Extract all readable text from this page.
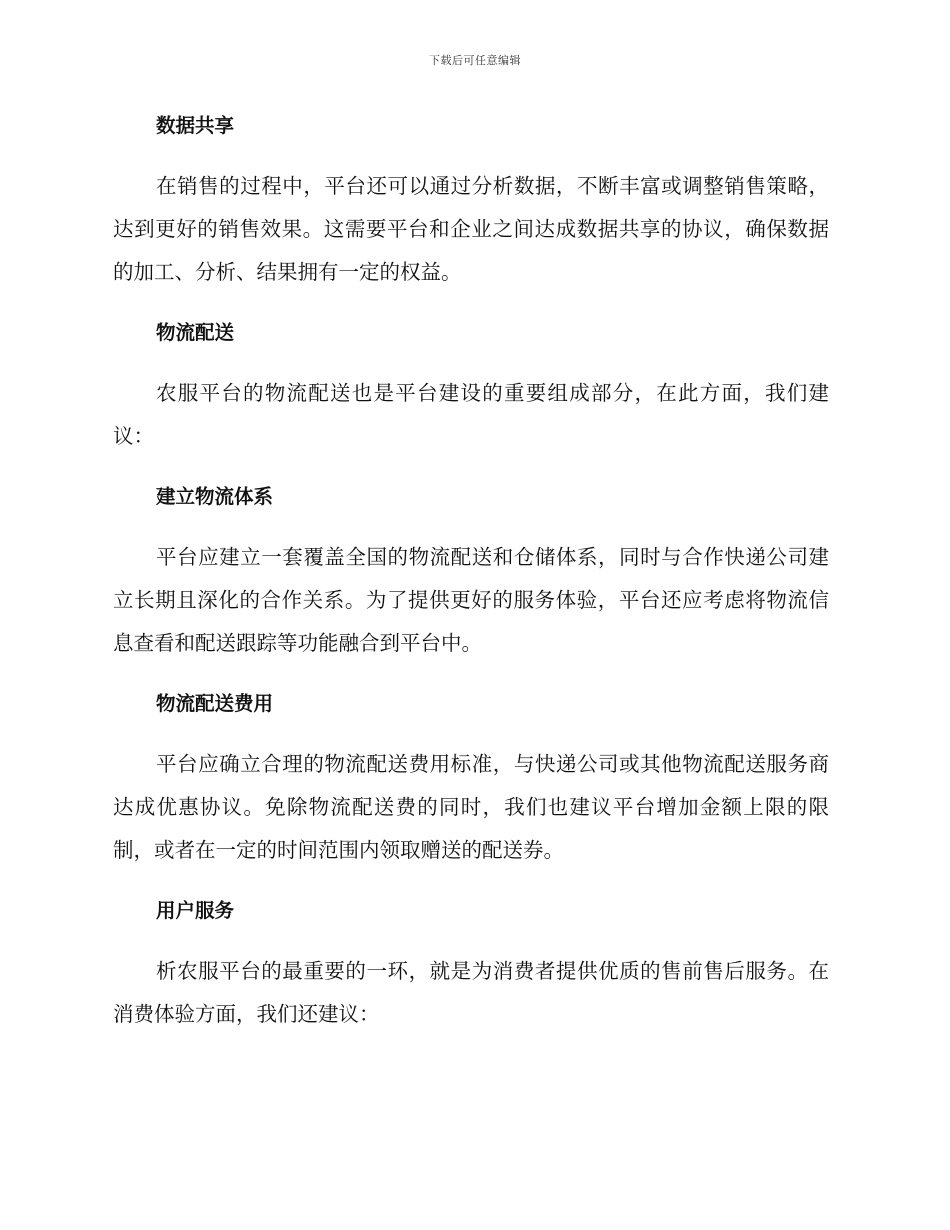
下载后可任意编辑
数据共享

在销售的过程中，平台还可以通过分析数据，不断丰富或调整销售策略，达到更好的销售效果。这需要平台和企业之间达成数据共享的协议，确保数据的加工、分析、结果拥有一定的权益。

物流配送

农服平台的物流配送也是平台建设的重要组成部分，在此方面，我们建议：

建立物流体系

平台应建立一套覆盖全国的物流配送和仓储体系，同时与合作快递公司建立长期且深化的合作关系。为了提供更好的服务体验，平台还应考虑将物流信息查看和配送跟踪等功能融合到平台中。

物流配送费用

平台应确立合理的物流配送费用标准，与快递公司或其他物流配送服务商达成优惠协议。免除物流配送费的同时，我们也建议平台增加金额上限的限制，或者在一定的时间范围内领取赠送的配送券。

用户服务

析农服平台的最重要的一环，就是为消费者提供优质的售前售后服务。在消费体验方面，我们还建议：
